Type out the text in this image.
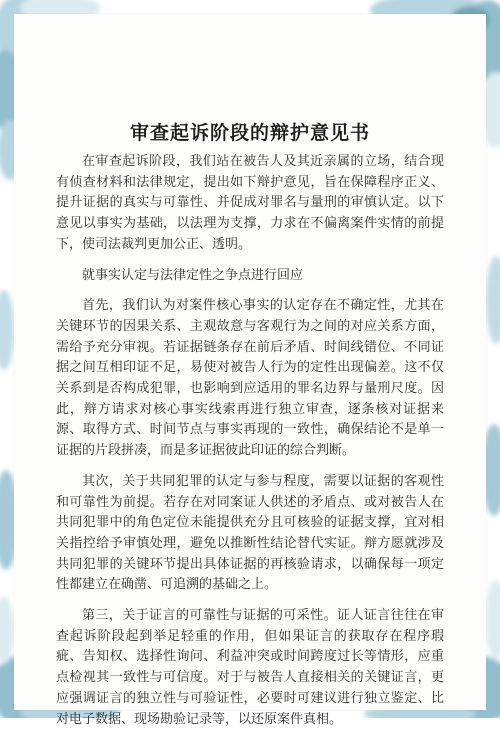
审查起诉阶段的辩护意见书

在审查起诉阶段，我们站在被告人及其近亲属的立场，结合现有侦查材料和法律规定，提出如下辩护意见，旨在保障程序正义、提升证据的真实与可靠性、并促成对罪名与量刑的审慎认定。以下意见以事实为基础，以法理为支撑，力求在不偏离案件实情的前提下，使司法裁判更加公正、透明。

就事实认定与法律定性之争点进行回应

首先，我们认为对案件核心事实的认定存在不确定性，尤其在关键环节的因果关系、主观故意与客观行为之间的对应关系方面，需给予充分审视。若证据链条存在前后矛盾、时间线错位、不同证据之间互相印证不足，易使对被告人行为的定性出现偏差。这不仅关系到是否构成犯罪，也影响到应适用的罪名边界与量刑尺度。因此，辩方请求对核心事实线索再进行独立审查，逐条核对证据来源、取得方式、时间节点与事实再现的一致性，确保结论不是单一证据的片段拼凑，而是多证据彼此印证的综合判断。

其次，关于共同犯罪的认定与参与程度，需要以证据的客观性和可靠性为前提。若存在对同案证人供述的矛盾点、或对被告人在共同犯罪中的角色定位未能提供充分且可核验的证据支撑，宜对相关指控给予审慎处理，避免以推断性结论替代实证。辩方愿就涉及共同犯罪的关键环节提出具体证据的再核验请求，以确保每一项定性都建立在确凿、可追溯的基础之上。

第三，关于证言的可靠性与证据的可采性。证人证言往往在审查起诉阶段起到举足轻重的作用，但如果证言的获取存在程序瑕疵、告知权、选择性询问、利益冲突或时间跨度过长等情形，应重点检视其一致性与可信度。对于与被告人直接相关的关键证言，更应强调证言的独立性与可验证性，必要时可建议进行独立鉴定、比对电子数据、现场勘验记录等，以还原案件真相。
